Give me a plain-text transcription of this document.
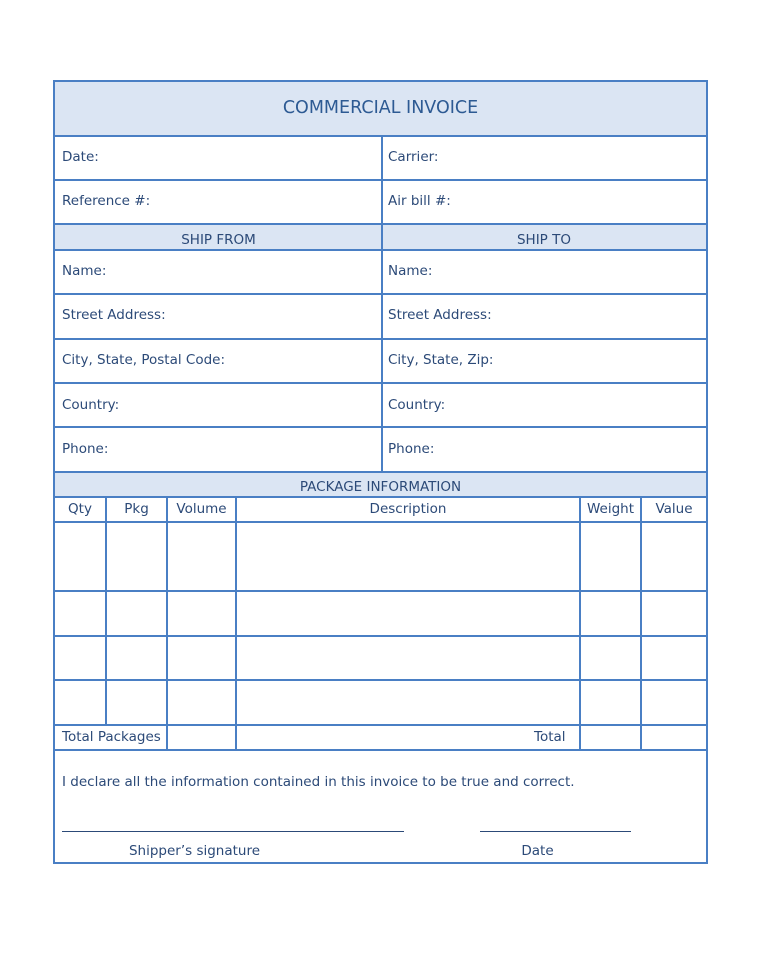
COMMERCIAL INVOICE
Date:	Carrier:
Reference #:	Air bill #:
SHIP FROM	SHIP TO
Name:	Name:
Street Address:	Street Address:
City, State, Postal Code:	City, State, Zip:
Country:	Country:
Phone:	Phone:
PACKAGE INFORMATION
Qty	Pkg	Volume	Description	Weight	Value
Total Packages	Total
I declare all the information contained in this invoice to be true and correct.
Shipper’s signature	Date
